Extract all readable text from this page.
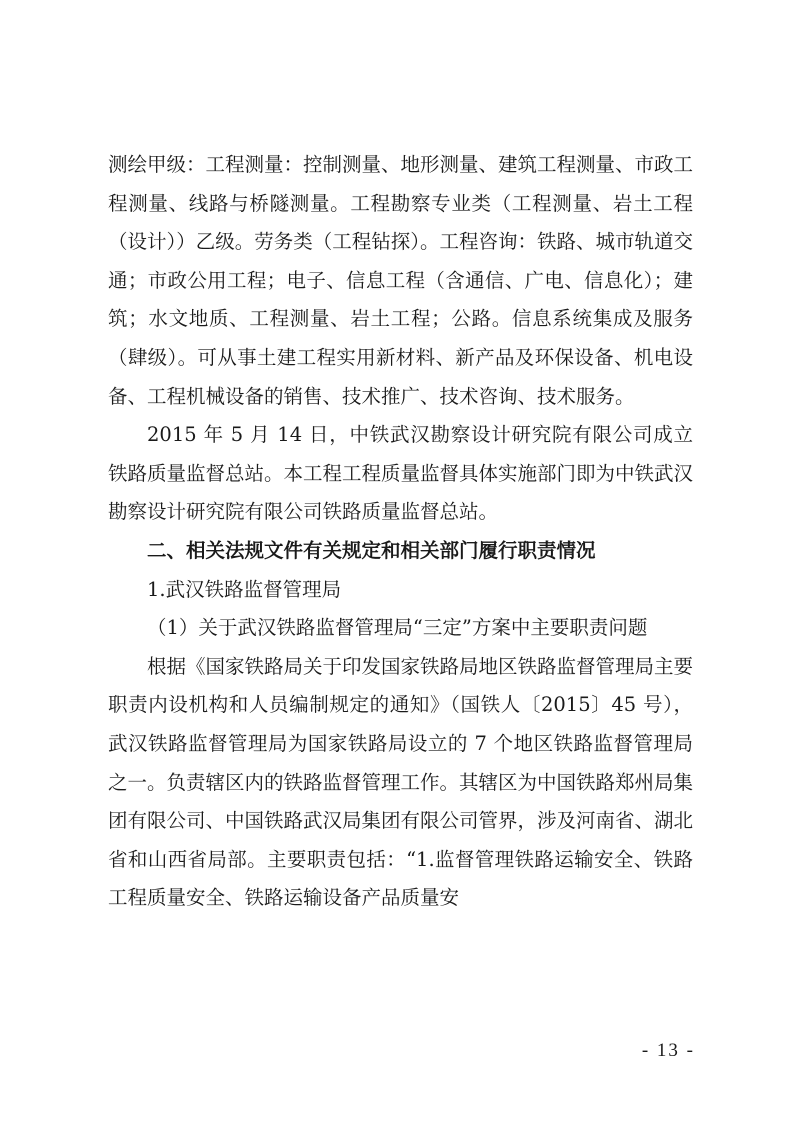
测绘甲级：工程测量：控制测量、地形测量、建筑工程测量、市政工程测量、线路与桥隧测量。工程勘察专业类（工程测量、岩土工程（设计））乙级。劳务类（工程钻探）。工程咨询：铁路、城市轨道交通；市政公用工程；电子、信息工程（含通信、广电、信息化）；建筑；水文地质、工程测量、岩土工程；公路。信息系统集成及服务（肆级）。可从事土建工程实用新材料、新产品及环保设备、机电设备、工程机械设备的销售、技术推广、技术咨询、技术服务。

2015 年 5 月 14 日，中铁武汉勘察设计研究院有限公司成立铁路质量监督总站。本工程工程质量监督具体实施部门即为中铁武汉勘察设计研究院有限公司铁路质量监督总站。

二、相关法规文件有关规定和相关部门履行职责情况

1.武汉铁路监督管理局

（1）关于武汉铁路监督管理局“三定”方案中主要职责问题

根据《国家铁路局关于印发国家铁路局地区铁路监督管理局主要职责内设机构和人员编制规定的通知》（国铁人〔2015〕45 号），武汉铁路监督管理局为国家铁路局设立的 7 个地区铁路监督管理局之一。负责辖区内的铁路监督管理工作。其辖区为中国铁路郑州局集团有限公司、中国铁路武汉局集团有限公司管界，涉及河南省、湖北省和山西省局部。主要职责包括：“1.监督管理铁路运输安全、铁路工程质量安全、铁路运输设备产品质量安

- 13 -
